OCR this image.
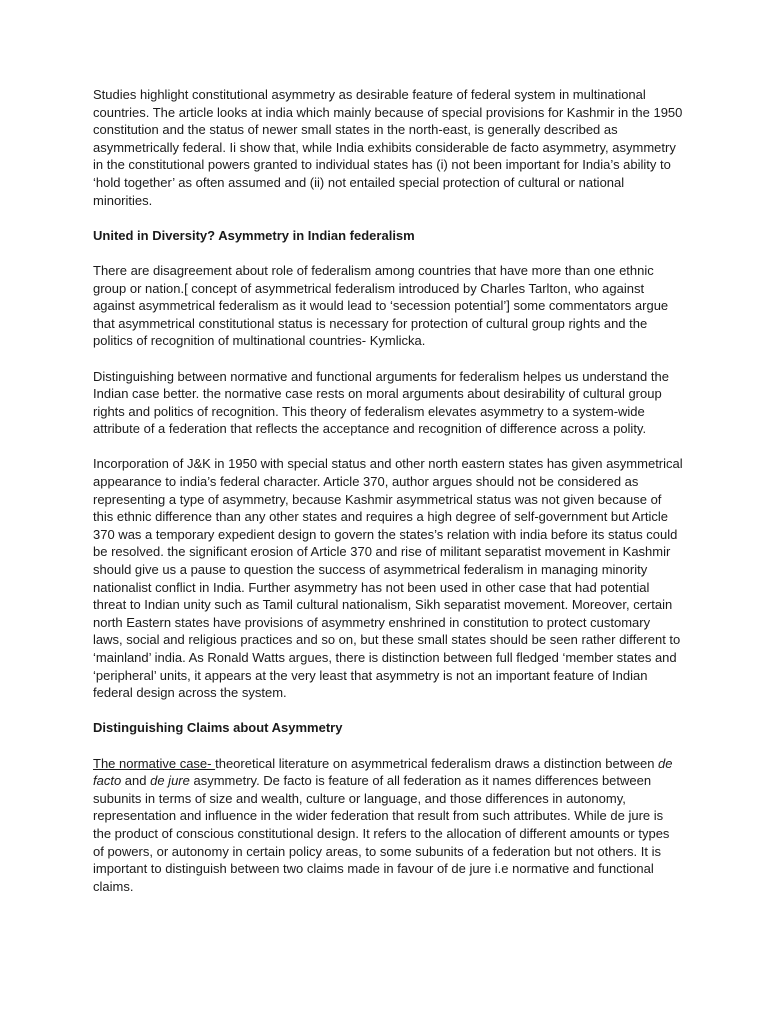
Studies highlight constitutional asymmetry as desirable feature of federal system in multinational countries. The article looks at india which mainly because of special provisions for Kashmir in the 1950 constitution and the status of newer small states in the north-east, is generally described as asymmetrically federal. Ii show that, while India exhibits considerable de facto asymmetry, asymmetry in the constitutional powers granted to individual states has (i) not been important for India’s ability to ‘hold together’ as often assumed and (ii) not entailed special protection of cultural or national minorities.

United in Diversity? Asymmetry in Indian federalism

There are disagreement about role of federalism among countries that have more than one ethnic group or nation.[ concept of asymmetrical federalism introduced by Charles Tarlton, who against against asymmetrical federalism as it would lead to ‘secession potential’] some commentators argue that asymmetrical constitutional status is necessary for protection of cultural group rights and the politics of recognition of multinational countries- Kymlicka.

Distinguishing between normative and functional arguments for federalism helpes us understand the Indian case better. the normative case rests on moral arguments about desirability of cultural group rights and politics of recognition. This theory of federalism elevates asymmetry to a system-wide attribute of a federation that reflects the acceptance and recognition of difference across a polity.

Incorporation of J&K in 1950 with special status and other north eastern states has given asymmetrical appearance to india’s federal character. Article 370, author argues should not be considered as representing a type of asymmetry, because Kashmir asymmetrical status was not given because of this ethnic difference than any other states and requires a high degree of self-government but Article 370 was a temporary expedient design to govern the states’s relation with india before its status could be resolved. the significant erosion of Article 370 and rise of militant separatist movement in Kashmir should give us a pause to question the success of asymmetrical federalism in managing minority nationalist conflict in India. Further asymmetry has not been used in other case that had potential threat to Indian unity such as Tamil cultural nationalism, Sikh separatist movement. Moreover, certain north Eastern states have provisions of asymmetry enshrined in constitution to protect customary laws, social and religious practices and so on, but these small states should be seen rather different to ‘mainland’ india. As Ronald Watts argues, there is distinction between full fledged ‘member states and ‘peripheral’ units, it appears at the very least that asymmetry is not an important feature of Indian federal design across the system.

Distinguishing Claims about Asymmetry

The normative case- theoretical literature on asymmetrical federalism draws a distinction between de facto and de jure asymmetry. De facto is feature of all federation as it names differences between subunits in terms of size and wealth, culture or language, and those differences in autonomy, representation and influence in the wider federation that result from such attributes. While de jure is the product of conscious constitutional design. It refers to the allocation of different amounts or types of powers, or autonomy in certain policy areas, to some subunits of a federation but not others. It is important to distinguish between two claims made in favour of de jure i.e normative and functional claims.
